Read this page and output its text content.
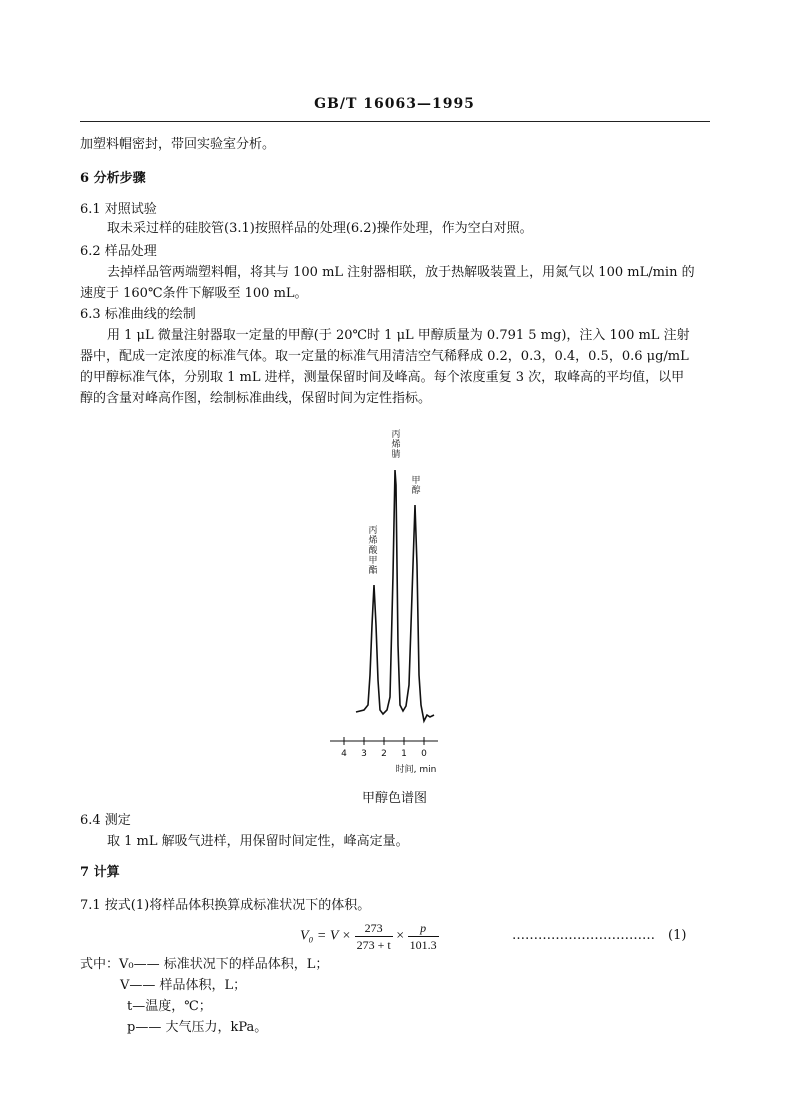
GB/T 16063—1995
加塑料帽密封，带回实验室分析。
6 分析步骤
6.1 对照试验
取未采过样的硅胶管(3.1)按照样品的处理(6.2)操作处理，作为空白对照。
6.2 样品处理
去掉样品管两端塑料帽，将其与 100 mL 注射器相联，放于热解吸装置上，用氮气以 100 mL/min 的
速度于 160℃条件下解吸至 100 mL。
6.3 标准曲线的绘制
用 1 μL 微量注射器取一定量的甲醇(于 20℃时 1 μL 甲醇质量为 0.791 5 mg)，注入 100 mL 注射
器中，配成一定浓度的标准气体。取一定量的标准气用清洁空气稀释成 0.2，0.3，0.4，0.5，0.6 μg/mL
的甲醇标准气体，分别取 1 mL 进样，测量保留时间及峰高。每个浓度重复 3 次，取峰高的平均值，以甲
醇的含量对峰高作图，绘制标准曲线，保留时间为定性指标。
4 3 2 1 0
时间, min
丙烯酸甲酯
丙烯腈
甲醇
甲醇色谱图
6.4 测定
取 1 mL 解吸气进样，用保留时间定性，峰高定量。
7 计算
7.1 按式(1)将样品体积换算成标准状况下的体积。
$V_0 = V \times \frac{273}{273 + t} \times \frac{p}{101.3}$	…………………………… (1)
式中：V₀—— 标准状况下的样品体积，L；
V—— 样品体积，L；
t—温度，℃；
p—— 大气压力，kPa。
